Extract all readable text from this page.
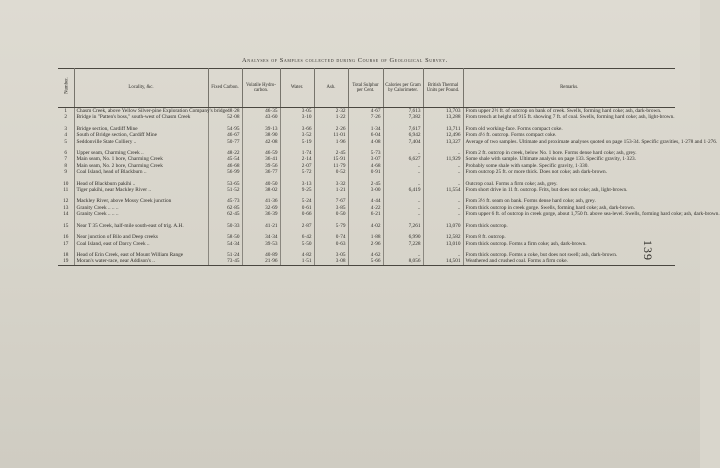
Analyses of Samples collected during Course of Geological Survey.
139
Number.	Locality, &c.	Fixed Carbon.	Volatile Hydro-carbon.	Water.	Ash.	Total Sulphur per Cent.	Calories per Gram by Calorimeter.	British Thermal Units per Pound.	Remarks.
1	Chasm Creek, above Yellow Silver-pine Exploration Company's bridge	48·28	46·35	3·05	2·32	4·67	7,613	13,703	From upper 2½ ft. of outcrop on bank of creek. Swells, forming hard coke; ash, dark-brown.
2	Bridge in "Patten's boss," south-west of Chasm Creek	52·08	43·60	3·10	1·22	7·26	7,382	13,288	From trench at height of 915 ft. showing 7 ft. of coal. Swells, forming hard coke; ash, light-brown.

3	Bridge section, Cardiff Mine	54·95	39·13	3·66	2·26	1·34	7,617	13,711	From old working-face. Forms compact coke.
4	South of Bridge section, Cardiff Mine	46·67	38·90	3·52	11·01	6·04	6,942	12,496	From 4½ ft. outcrop. Forms compact coke.
5	Seddonville State Colliery ..	50·77	42·08	5·19	1·96	4·08	7,404	13,327	Average of two samples. Ultimate and proximate analyses quoted on page 153-34. Specific gravities, 1·278 and 1·276.

6	Upper seam, Charming Creek ..	48·22	46·59	1·74	2·45	5·73	..	..	From 2 ft. outcrop in creek, below No. 1 bore. Forms dense hard coke; ash, grey.
7	Main seam, No. 1 bore, Charming Creek	45·54	36·41	2·14	15·91	3·07	6,627	11,929	Some shale with sample. Ultimate analysis on page 133. Specific gravity, 1·323.
8	Main seam, No. 2 bore, Charming Creek	46·68	39·56	2·07	11·79	4·68	..	..	Probably some shale with sample. Specific gravity, 1·330.
9	Coal Island, head of Blackburn ..	56·99	36·77	5·72	0·52	0·91	..	..	From outcrop 25 ft. or more thick. Does not coke; ash dark-brown.

10	Head of Blackburn pakihi ..	53·65	40·50	3·13	3·32	2·45	..	..	Outcrop coal. Forms a firm coke; ash, grey.
11	Tiger pakihi, near Mackley River ..	51·52	38·02	9·25	1·21	3·00	6,419	11,554	From short drive in 11 ft. outcrop. Frits, but does not coke; ash, light-brown.

12	Mackley River, above Mossy Creek junction	45·73	41·36	5·24	7·67	4·44	..	..	From 3½ ft. seam on bank. Forms dense hard coke; ash, grey.
13	Granity Creek .. .. ..	62·85	32·69	0·61	3·85	4·22	..	..	From thick outcrop in creek gorge. Swells, forming hard coke; ash, dark-brown.
14	Granity Creek .. .. ..	62·45	36·39	0·66	0·50	6·21	..	..	From upper 6 ft. of outcrop in creek gorge, about 1,750 ft. above sea-level. Swells, forming hard coke; ash, dark-brown.

15	Near T 35 Creek, half-mile south-east of trig. A.H.	50·33	41·21	2·87	5·79	4·02	7,261	13,070	From thick outcrop.

16	Near junction of Bilo and Deep creeks	58·50	34·34	6·42	0·74	1·88	6,990	12,582	From 8 ft. outcrop.
17	Coal Island, east of Darcy Creek ..	54·34	39·53	5·50	0·63	2·96	7,228	13,010	From thick outcrop. Forms a firm coke; ash, dark-brown.

18	Head of Erin Creek, east of Mount William Range	51·24	40·89	4·82	3·05	4·62	..	..	From thick outcrop. Forms a coke, but does not swell; ash, dark-brown.
19	Moran's water-race, near Addison's ..	73·45	21·96	1·51	3·08	5·66	8,056	14,501	Weathered and crushed coal. Forms a firm coke.
